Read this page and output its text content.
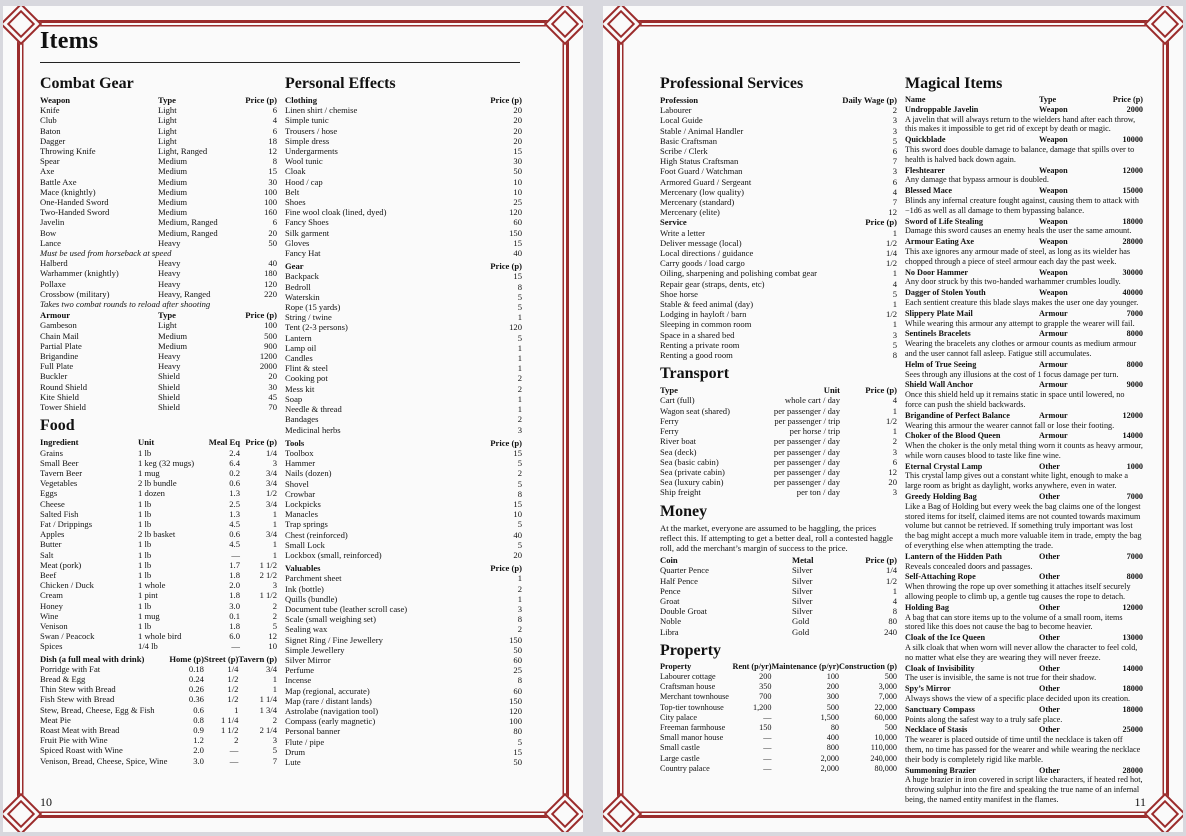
Items
Combat Gear
Weapon	Type	Price (p)
Knife	Light	6
Club	Light	4
Baton	Light	6
Dagger	Light	18
Throwing Knife	Light, Ranged	12
Spear	Medium	8
Axe	Medium	15
Battle Axe	Medium	30
Mace (knightly)	Medium	100
One-Handed Sword	Medium	100
Two-Handed Sword	Medium	160
Javelin	Medium, Ranged	6
Bow	Medium, Ranged	20
Lance	Heavy	50
Must be used from horseback at speed
Halberd	Heavy	40
Warhammer (knightly)	Heavy	180
Pollaxe	Heavy	120
Crossbow (military)	Heavy, Ranged	220
Takes two combat rounds to reload after shooting
Armour	Type	Price (p)
Gambeson	Light	100
Chain Mail	Medium	500
Partial Plate	Medium	900
Brigandine	Heavy	1200
Full Plate	Heavy	2000
Buckler	Shield	20
Round Shield	Shield	30
Kite Shield	Shield	45
Tower Shield	Shield	70
Food
Ingredient	Unit	Meal Eq	Price (p)
Grains	1 lb	2.4	1/4
Small Beer	1 keg (32 mugs)	6.4	3
Tavern Beer	1 mug	0.2	3/4
Vegetables	2 lb bundle	0.6	3/4
Eggs	1 dozen	1.3	1/2
Cheese	1 lb	2.5	3/4
Salted Fish	1 lb	1.3	1
Fat / Drippings	1 lb	4.5	1
Apples	2 lb basket	0.6	3/4
Butter	1 lb	4.5	1
Salt	1 lb	—	1
Meat (pork)	1 lb	1.7	1 1/2
Beef	1 lb	1.8	2 1/2
Chicken / Duck	1 whole	2.0	3
Cream	1 pint	1.8	1 1/2
Honey	1 lb	3.0	2
Wine	1 mug	0.1	2
Venison	1 lb	1.8	5
Swan / Peacock	1 whole bird	6.0	12
Spices	1/4 lb	—	10
Dish (a full meal with drink)	Home (p)	Street (p)	Tavern (p)
Porridge with Fat	0.18	1/4	3/4
Bread & Egg	0.24	1/2	1
Thin Stew with Bread	0.26	1/2	1
Fish Stew with Bread	0.36	1/2	1 1/4
Stew, Bread, Cheese, Egg & Fish	0.6	1	1 3/4
Meat Pie	0.8	1 1/4	2
Roast Meat with Bread	0.9	1 1/2	2 1/4
Fruit Pie with Wine	1.2	2	3
Spiced Roast with Wine	2.0	—	5
Venison, Bread, Cheese, Spice, Wine	3.0	—	7
Personal Effects
Clothing	Price (p)
Linen shirt / chemise	20
Simple tunic	20
Trousers / hose	20
Simple dress	20
Undergarments	15
Wool tunic	30
Cloak	50
Hood / cap	10
Belt	10
Shoes	25
Fine wool cloak (lined, dyed)	120
Fancy Shoes	60
Silk garment	150
Gloves	15
Fancy Hat	40
Gear	Price (p)
Backpack	15
Bedroll	8
Waterskin	5
Rope (15 yards)	5
String / twine	1
Tent (2-3 persons)	120
Lantern	5
Lamp oil	1
Candles	1
Flint & steel	1
Cooking pot	2
Mess kit	2
Soap	1
Needle & thread	1
Bandages	2
Medicinal herbs	3
Tools	Price (p)
Toolbox	15
Hammer	5
Nails (dozen)	2
Shovel	5
Crowbar	8
Lockpicks	15
Manacles	10
Trap springs	5
Chest (reinforced)	40
Small Lock	5
Lockbox (small, reinforced)	20
Valuables	Price (p)
Parchment sheet	1
Ink (bottle)	2
Quills (bundle)	1
Document tube (leather scroll case)	3
Scale (small weighing set)	8
Sealing wax	2
Signet Ring / Fine Jewellery	150
Simple Jewellery	50
Silver Mirror	60
Perfume	25
Incense	8
Map (regional, accurate)	60
Map (rare / distant lands)	150
Astrolabe (navigation tool)	120
Compass (early magnetic)	100
Personal banner	80
Flute / pipe	5
Drum	15
Lute	50
10
Professional Services
Profession	Daily Wage (p)
Labourer	2
Local Guide	3
Stable / Animal Handler	3
Basic Craftsman	5
Scribe / Clerk	6
High Status Craftsman	7
Foot Guard / Watchman	3
Armored Guard / Sergeant	6
Mercenary (low quality)	4
Mercenary (standard)	7
Mercenary (elite)	12
Service	Price (p)
Write a letter	1
Deliver message (local)	1/2
Local directions / guidance	1/4
Carry goods / load cargo	1/2
Oiling, sharpening and polishing combat gear	1
Repair gear (straps, dents, etc)	4
Shoe horse	5
Stable & feed animal (day)	1
Lodging in hayloft / barn	1/2
Sleeping in common room	1
Space in a shared bed	3
Renting a private room	5
Renting a good room	8
Transport
Type	Unit	Price (p)
Cart (full)	whole cart / day	4
Wagon seat (shared)	per passenger / day	1
Ferry	per passenger / trip	1/2
Ferry	per horse / trip	1
River boat	per passenger / day	2
Sea (deck)	per passenger / day	3
Sea (basic cabin)	per passenger / day	6
Sea (private cabin)	per passenger / day	12
Sea (luxury cabin)	per passenger / day	20
Ship freight	per ton / day	3
Money

At the market, everyone are assumed to be haggling, the prices reflect this. If attempting to get a better deal, roll a contested haggle roll, add the merchant’s margin of success to the price.

Coin	Metal	Price (p)
Quarter Pence	Silver	1/4
Half Pence	Silver	1/2
Pence	Silver	1
Groat	Silver	4
Double Groat	Silver	8
Noble	Gold	80
Libra	Gold	240
Property
Property	Rent (p/yr)	Maintenance (p/yr)	Construction (p)
Labourer cottage	200	100	500
Craftsman house	350	200	3,000
Merchant townhouse	700	300	7,000
Top-tier townhouse	1,200	500	22,000
City palace	—	1,500	60,000
Freeman farmhouse	150	80	500
Small manor house	—	400	10,000
Small castle	—	800	110,000
Large castle	—	2,000	240,000
Country palace	—	2,000	80,000
Magical Items
Name	Type	Price (p)
Undroppable Javelin	Weapon	2000
A javelin that will always return to the wielders hand after each throw, this makes it impossible to get rid of except by death or magic.
Quickblade	Weapon	10000
This sword does double damage to balance, damage that spills over to health is halved back down again.
Fleshtearer	Weapon	12000
Any damage that bypass armour is doubled.
Blessed Mace	Weapon	15000
Blinds any infernal creature fought against, causing them to attack with −1d6 as well as all damage to them bypassing balance.
Sword of Life Stealing	Weapon	18000
Damage this sword causes an enemy heals the user the same amount.
Armour Eating Axe	Weapon	28000
This axe ignores any armour made of steel, as long as its wielder has chopped through a piece of steel armour each day the past week.
No Door Hammer	Weapon	30000
Any door struck by this two-handed warhammer crumbles loudly.
Dagger of Stolen Youth	Weapon	40000
Each sentient creature this blade slays makes the user one day younger.
Slippery Plate Mail	Armour	7000
While wearing this armour any attempt to grapple the wearer will fail.
Sentinels Bracelets	Armour	8000
Wearing the bracelets any clothes or armour counts as medium armour and the user cannot fall asleep. Fatigue still accumulates.
Helm of True Seeing	Armour	8000
Sees through any illusions at the cost of 1 focus damage per turn.
Shield Wall Anchor	Armour	9000
Once this shield held up it remains static in space until lowered, no force can push the shield backwards.
Brigandine of Perfect Balance	Armour	12000
Wearing this armour the wearer cannot fall or lose their footing.
Choker of the Blood Queen	Armour	14000
When the choker is the only metal thing worn it counts as heavy armour, while worn causes blood to taste like fine wine.
Eternal Crystal Lamp	Other	1000
This crystal lamp gives out a constant white light, enough to make a large room as bright as daylight, works anywhere, even in water.
Greedy Holding Bag	Other	7000
Like a Bag of Holding but every week the bag claims one of the longest stored items for itself, claimed items are not counted towards maximum volume but cannot be retrieved. If something truly important was lost the bag might accept a much more valuable item in trade, empty the bag of everything else when attempting the trade.
Lantern of the Hidden Path	Other	7000
Reveals concealed doors and passages.
Self-Attaching Rope	Other	8000
When throwing the rope up over something it attaches itself securely allowing people to climb up, a gentle tug causes the rope to detach.
Holding Bag	Other	12000
A bag that can store items up to the volume of a small room, items stored like this does not cause the bag to become heavier.
Cloak of the Ice Queen	Other	13000
A silk cloak that when worn will never allow the character to feel cold, no matter what else they are wearing they will never freeze.
Cloak of Invisibility	Other	14000
The user is invisible, the same is not true for their shadow.
Spy’s Mirror	Other	18000
Always shows the view of a specific place decided upon its creation.
Sanctuary Compass	Other	18000
Points along the safest way to a truly safe place.
Necklace of Stasis	Other	25000
The wearer is placed outside of time until the necklace is taken off them, no time has passed for the wearer and while wearing the necklace their body is completely rigid like marble.
Summoning Brazier	Other	28000
A huge brazier in iron covered in script like characters, if heated red hot, throwing sulphur into the fire and speaking the true name of an infernal being, the named entity manifest in the flames.	11
